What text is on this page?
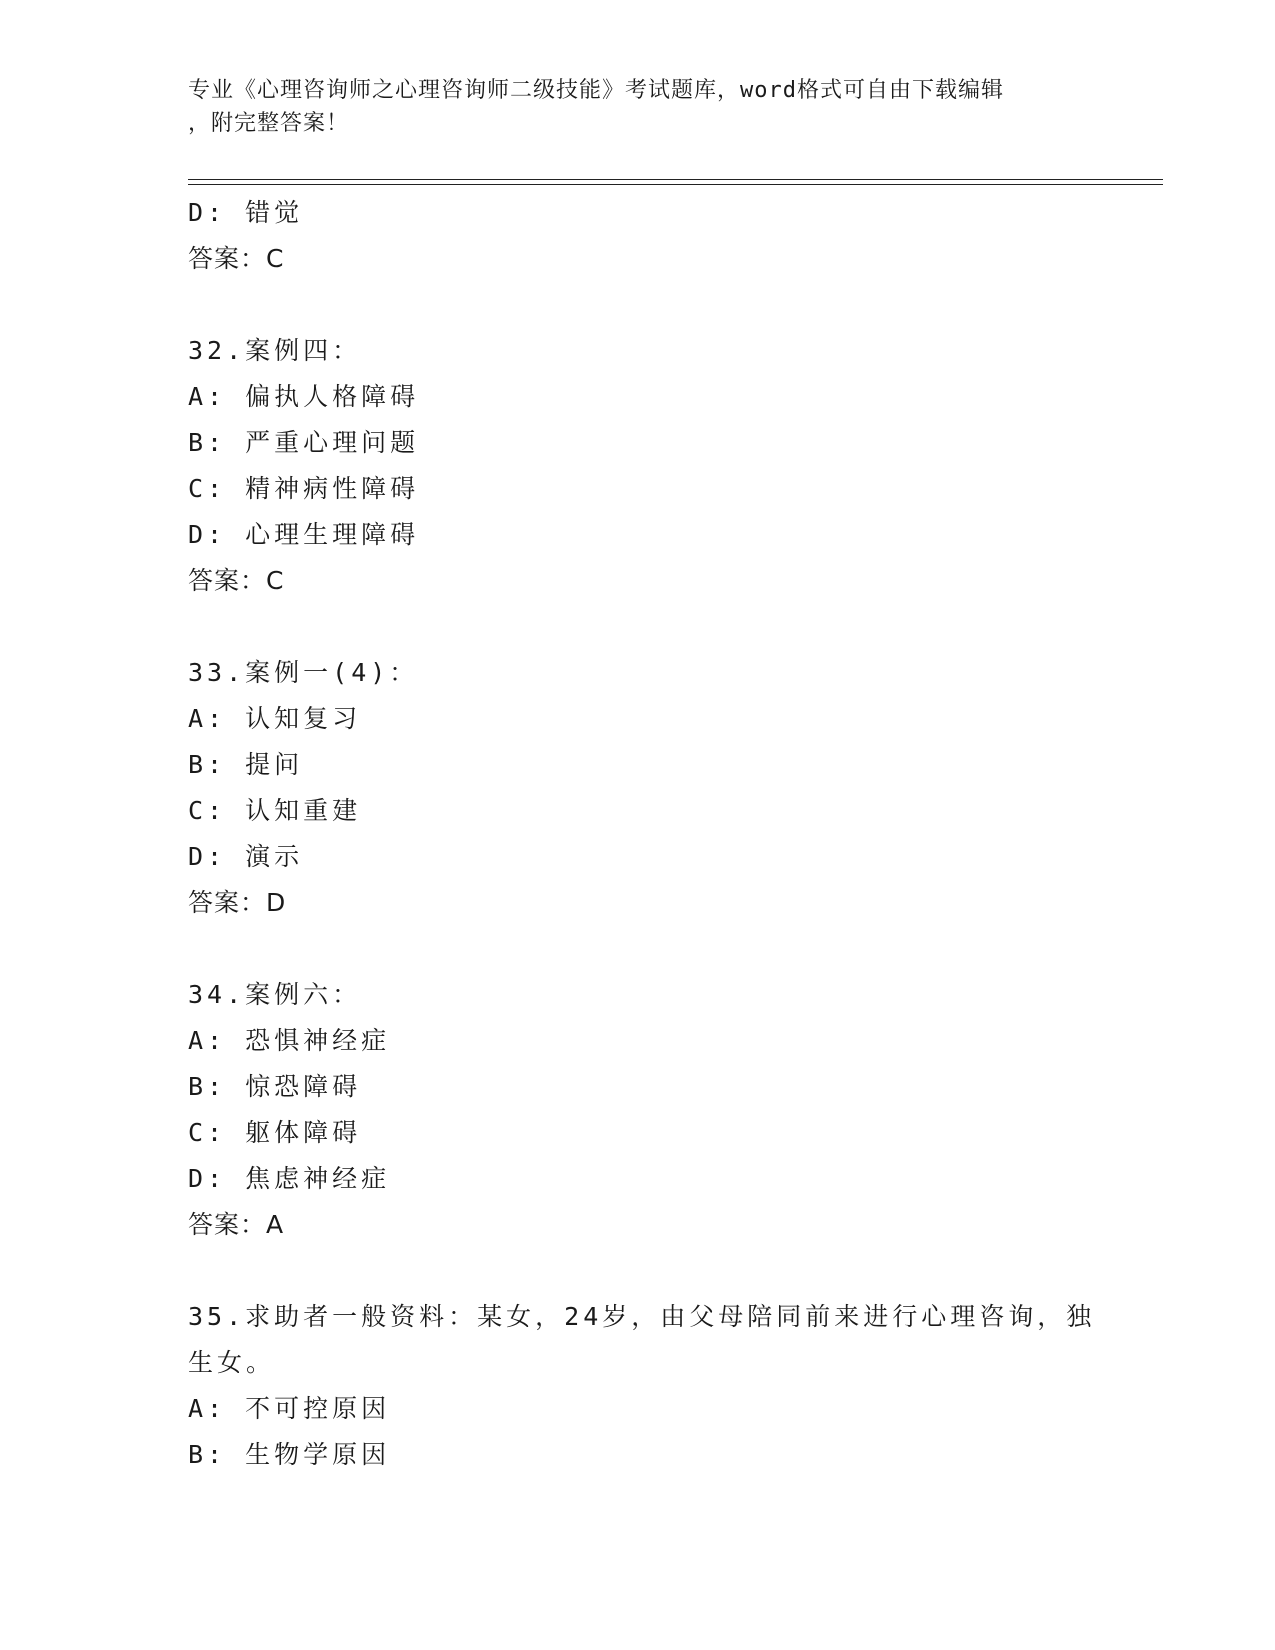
专业《心理咨询师之心理咨询师二级技能》考试题库，word格式可自由下载编辑
，附完整答案！
D: 错觉
答案：C
32.案例四：
A: 偏执人格障碍
B: 严重心理问题
C: 精神病性障碍
D: 心理生理障碍
答案：C
33.案例一(4)：
A: 认知复习
B: 提问
C: 认知重建
D: 演示
答案：D
34.案例六：
A: 恐惧神经症
B: 惊恐障碍
C: 躯体障碍
D: 焦虑神经症
答案：A
35.求助者一般资料：某女，24岁，由父母陪同前来进行心理咨询，独
生女。
A: 不可控原因
B: 生物学原因
